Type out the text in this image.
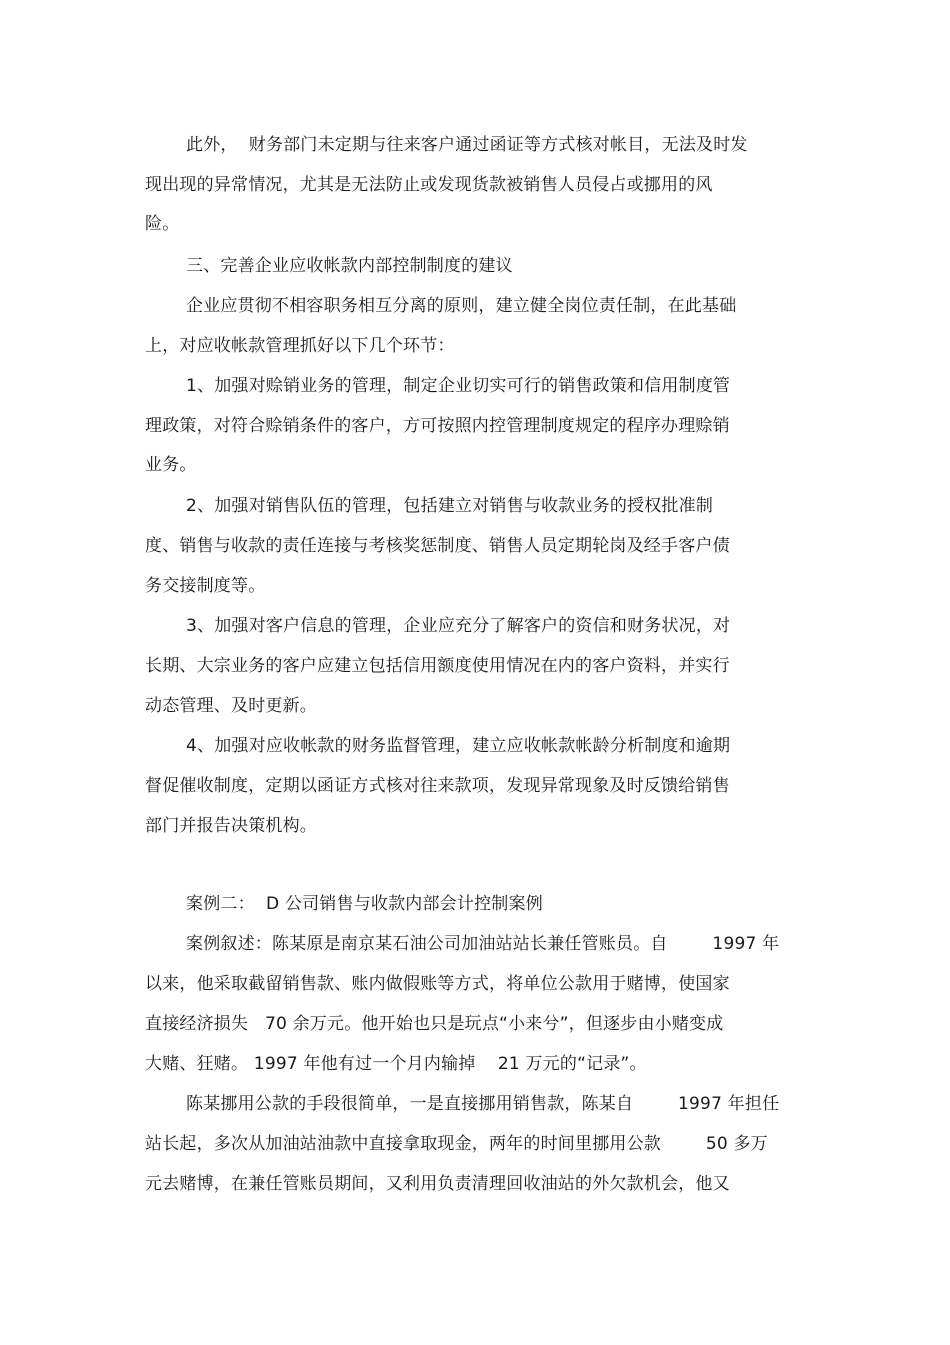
此外，  财务部门未定期与往来客户通过函证等方式核对帐目，无法及时发
现出现的异常情况，尤其是无法防止或发现货款被销售人员侵占或挪用的风
险。
三、完善企业应收帐款内部控制制度的建议
企业应贯彻不相容职务相互分离的原则，建立健全岗位责任制，在此基础
上，对应收帐款管理抓好以下几个环节：
1、加强对赊销业务的管理，制定企业切实可行的销售政策和信用制度管
理政策，对符合赊销条件的客户，方可按照内控管理制度规定的程序办理赊销
业务。
2、加强对销售队伍的管理，包括建立对销售与收款业务的授权批准制
度、销售与收款的责任连接与考核奖惩制度、销售人员定期轮岗及经手客户债
务交接制度等。
3、加强对客户信息的管理，企业应充分了解客户的资信和财务状况，对
长期、大宗业务的客户应建立包括信用额度使用情况在内的客户资料，并实行
动态管理、及时更新。
4、加强对应收帐款的财务监督管理，建立应收帐款帐龄分析制度和逾期
督促催收制度，定期以函证方式核对往来款项，发现异常现象及时反馈给销售
部门并报告决策机构。
案例二：  D 公司销售与收款内部会计控制案例
案例叙述：陈某原是南京某石油公司加油站站长兼任管账员。自        1997 年
以来，他采取截留销售款、账内做假账等方式，将单位公款用于赌博，使国家
直接经济损失   70 余万元。他开始也只是玩点“小来兮”，但逐步由小赌变成
大赌、狂赌。 1997 年他有过一个月内输掉    21 万元的“记录”。
陈某挪用公款的手段很简单，一是直接挪用销售款，陈某自        1997 年担任
站长起，多次从加油站油款中直接拿取现金，两年的时间里挪用公款        50 多万
元去赌博，在兼任管账员期间，又利用负责清理回收油站的外欠款机会，他又
